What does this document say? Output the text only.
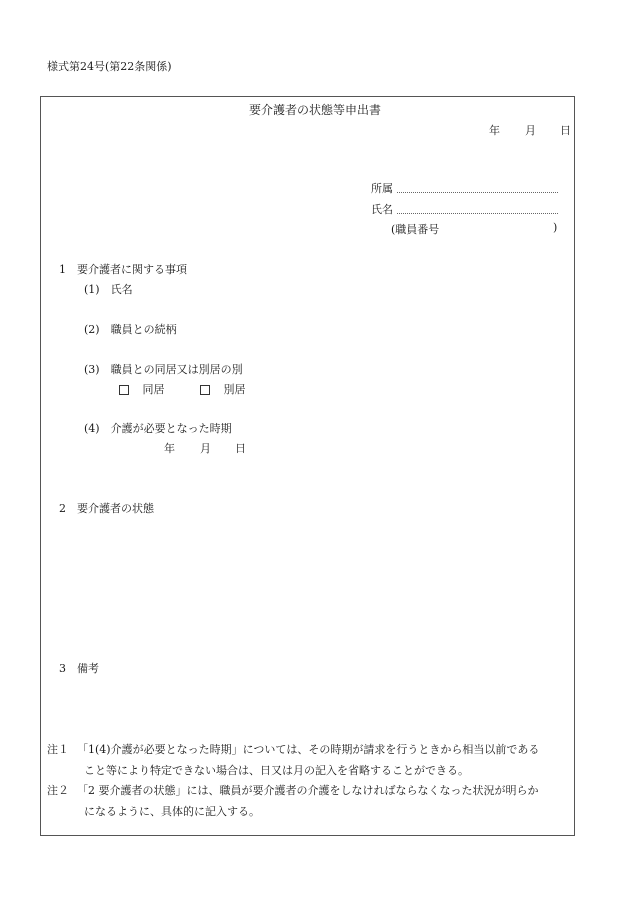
様式第24号(第22条関係)
要介護者の状態等申出書
年 月 日
所属
氏名
(職員番号	)
1　要介護者に関する事項
(1)　氏名
(2)　職員との続柄
(3)　職員との同居又は別居の別
同居	別居
(4)　介護が必要となった時期
年 月 日
2　要介護者の状態
3　備考
注１ 「1(4)介護が必要となった時期」については、その時期が請求を行うときから相当以前である
こと等により特定できない場合は、日又は月の記入を省略することができる。
注２ 「2 要介護者の状態」には、職員が要介護者の介護をしなければならなくなった状況が明らか
になるように、具体的に記入する。
